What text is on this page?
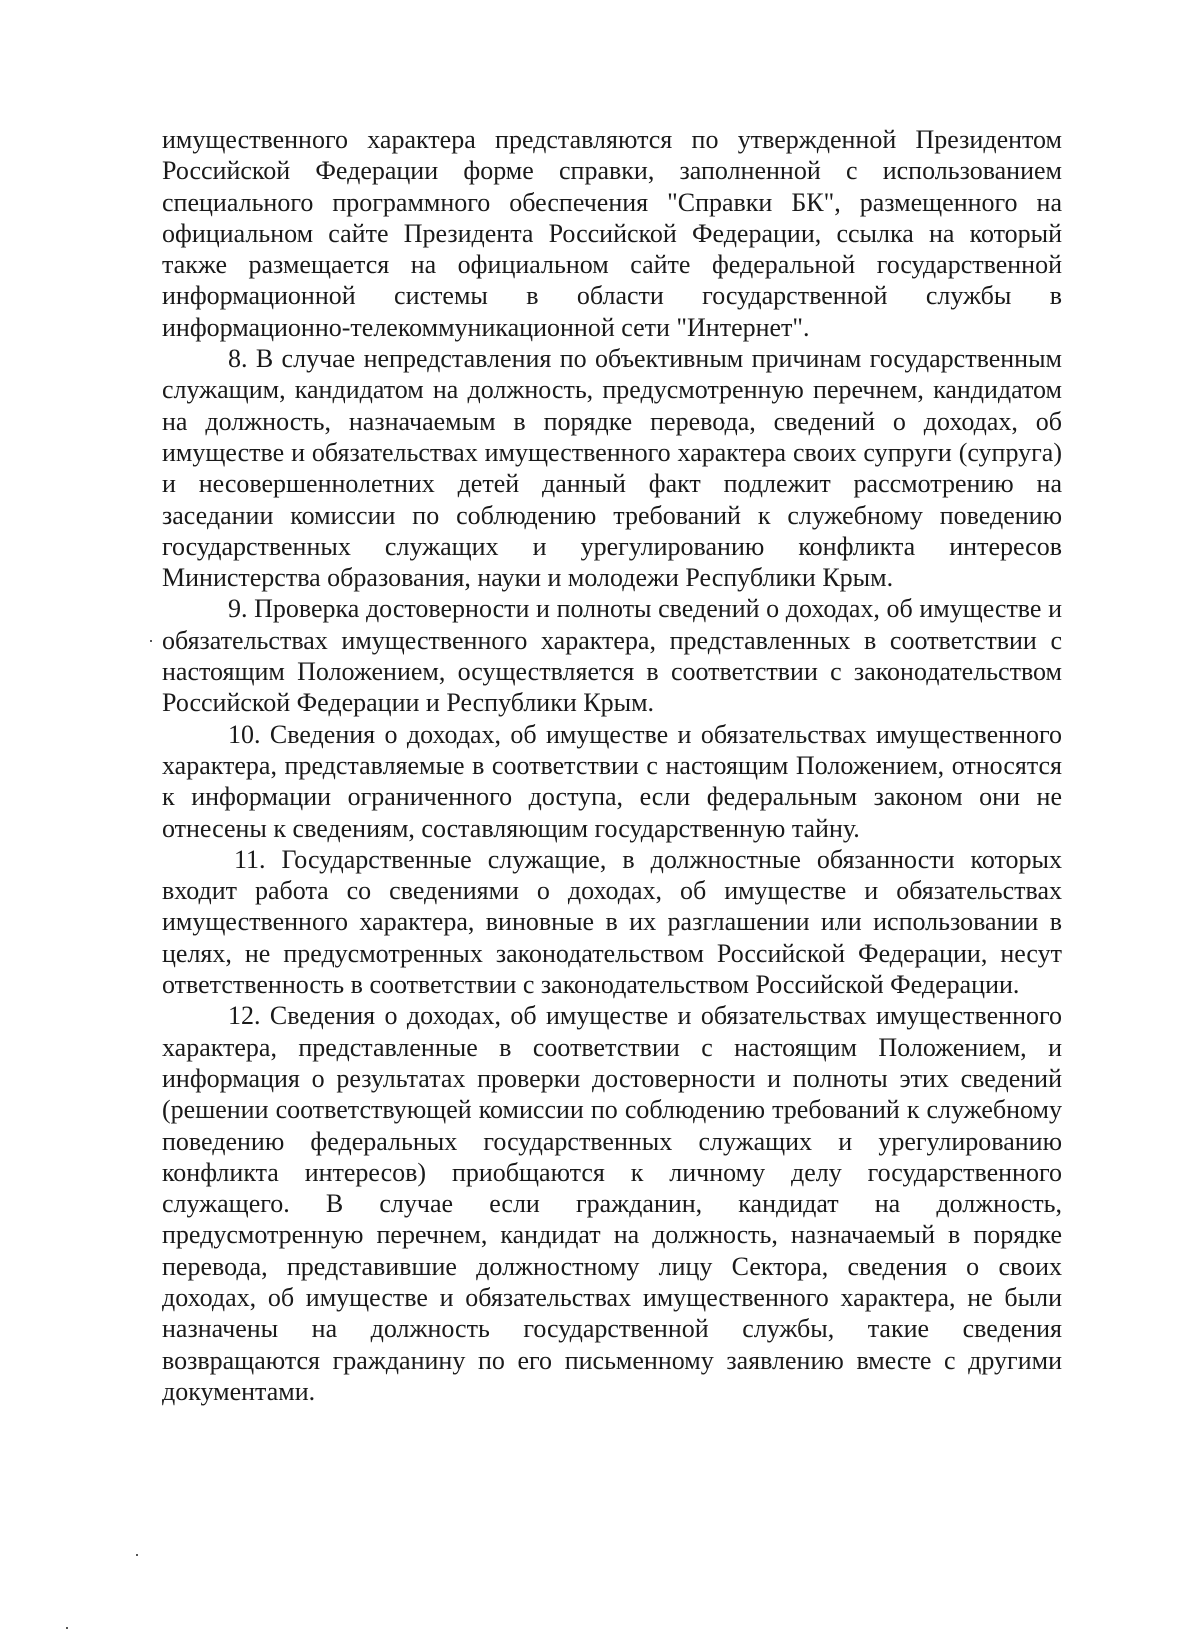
имущественного характера представляются по утвержденной Президентом Российской Федерации форме справки, заполненной с использованием специального программного обеспечения "Справки БК", размещенного на официальном сайте Президента Российской Федерации, ссылка на который также размещается на официальном сайте федеральной государственной информационной системы в области государственной службы в информационно-телекоммуникационной сети "Интернет".

8. В случае непредставления по объективным причинам государственным служащим, кандидатом на должность, предусмотренную перечнем, кандидатом на должность, назначаемым в порядке перевода, сведений о доходах, об имуществе и обязательствах имущественного характера своих супруги (супруга) и несовершеннолетних детей данный факт подлежит рассмотрению на заседании комиссии по соблюдению требований к служебному поведению государственных служащих и урегулированию конфликта интересов Министерства образования, науки и молодежи Республики Крым.

9. Проверка достоверности и полноты сведений о доходах, об имуществе и обязательствах имущественного характера, представленных в соответствии с настоящим Положением, осуществляется в соответствии с законодательством Российской Федерации и Республики Крым.

10. Сведения о доходах, об имуществе и обязательствах имущественного характера, представляемые в соответствии с настоящим Положением, относятся к информации ограниченного доступа, если федеральным законом они не отнесены к сведениям, составляющим государственную тайну.

11. Государственные служащие, в должностные обязанности которых входит работа со сведениями о доходах, об имуществе и обязательствах имущественного характера, виновные в их разглашении или использовании в целях, не предусмотренных законодательством Российской Федерации, несут ответственность в соответствии с законодательством Российской Федерации.

12. Сведения о доходах, об имуществе и обязательствах имущественного характера, представленные в соответствии с настоящим Положением, и информация о результатах проверки достоверности и полноты этих сведений (решении соответствующей комиссии по соблюдению требований к служебному поведению федеральных государственных служащих и урегулированию конфликта интересов) приобщаются к личному делу государственного служащего. В случае если гражданин, кандидат на должность, предусмотренную перечнем, кандидат на должность, назначаемый в порядке перевода, представившие должностному лицу Сектора, сведения о своих доходах, об имуществе и обязательствах имущественного характера, не были назначены на должность государственной службы, такие сведения возвращаются гражданину по его письменному заявлению вместе с другими документами.
